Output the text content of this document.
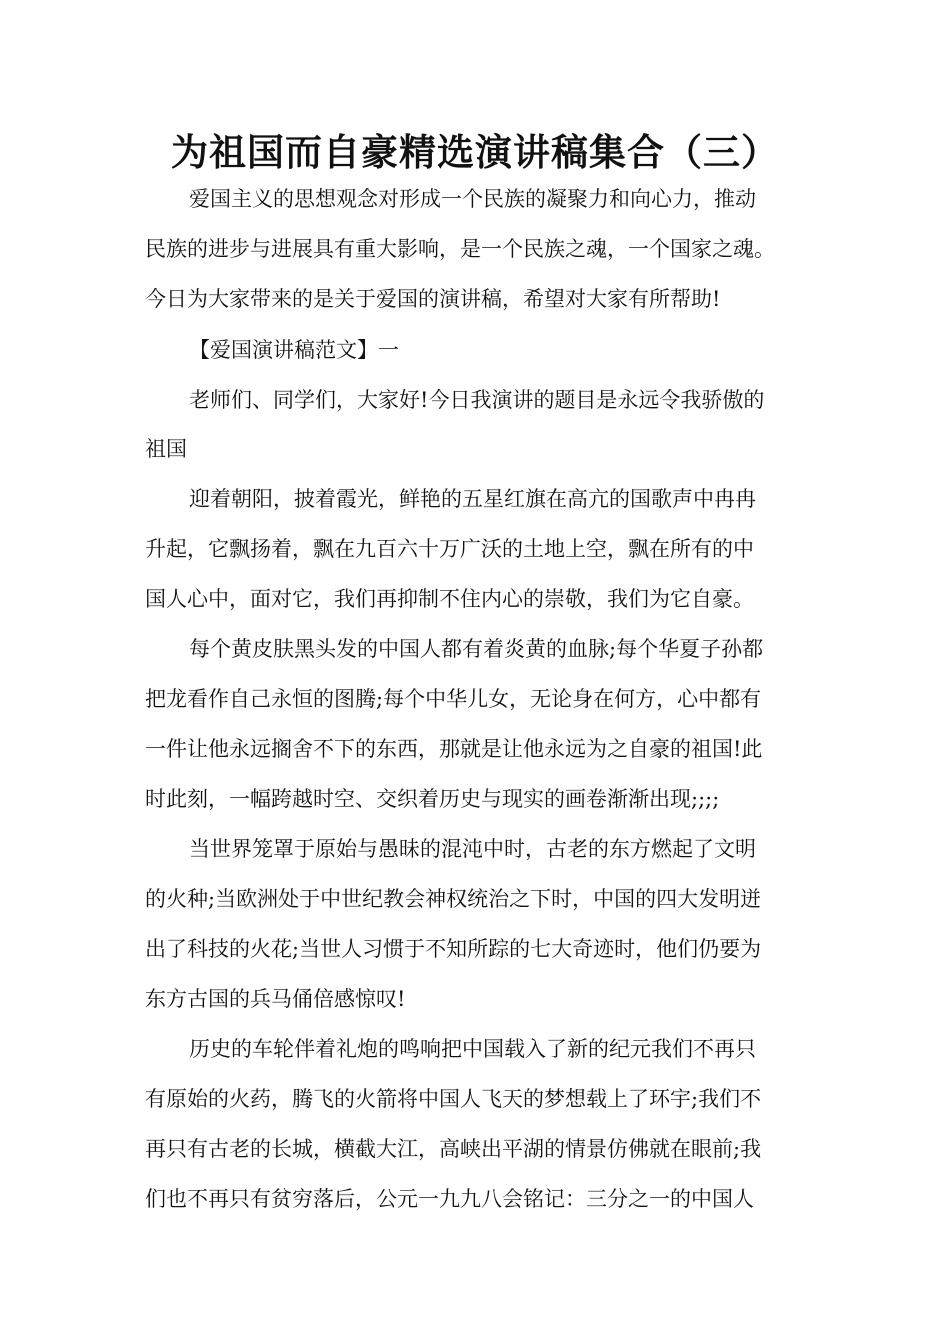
为祖国而自豪精选演讲稿集合（三）
爱国主义的思想观念对形成一个民族的凝聚力和向心力，推动
民族的进步与进展具有重大影响，是一个民族之魂，一个国家之魂。
今日为大家带来的是关于爱国的演讲稿，希望对大家有所帮助!
【爱国演讲稿范文】一
老师们、同学们，大家好!今日我演讲的题目是永远令我骄傲的
祖国
迎着朝阳，披着霞光，鲜艳的五星红旗在高亢的国歌声中冉冉
升起，它飘扬着，飘在九百六十万广沃的土地上空，飘在所有的中
国人心中，面对它，我们再抑制不住内心的崇敬，我们为它自豪。
每个黄皮肤黑头发的中国人都有着炎黄的血脉;每个华夏子孙都
把龙看作自己永恒的图腾;每个中华儿女，无论身在何方，心中都有
一件让他永远搁舍不下的东西，那就是让他永远为之自豪的祖国!此
时此刻，一幅跨越时空、交织着历史与现实的画卷渐渐出现;;;;
当世界笼罩于原始与愚昧的混沌中时，古老的东方燃起了文明
的火种;当欧洲处于中世纪教会神权统治之下时，中国的四大发明迸
出了科技的火花;当世人习惯于不知所踪的七大奇迹时，他们仍要为
东方古国的兵马俑倍感惊叹!
历史的车轮伴着礼炮的鸣响把中国载入了新的纪元我们不再只
有原始的火药，腾飞的火箭将中国人飞天的梦想载上了环宇;我们不
再只有古老的长城，横截大江，高峡出平湖的情景仿佛就在眼前;我
们也不再只有贫穷落后，公元一九九八会铭记：三分之一的中国人
